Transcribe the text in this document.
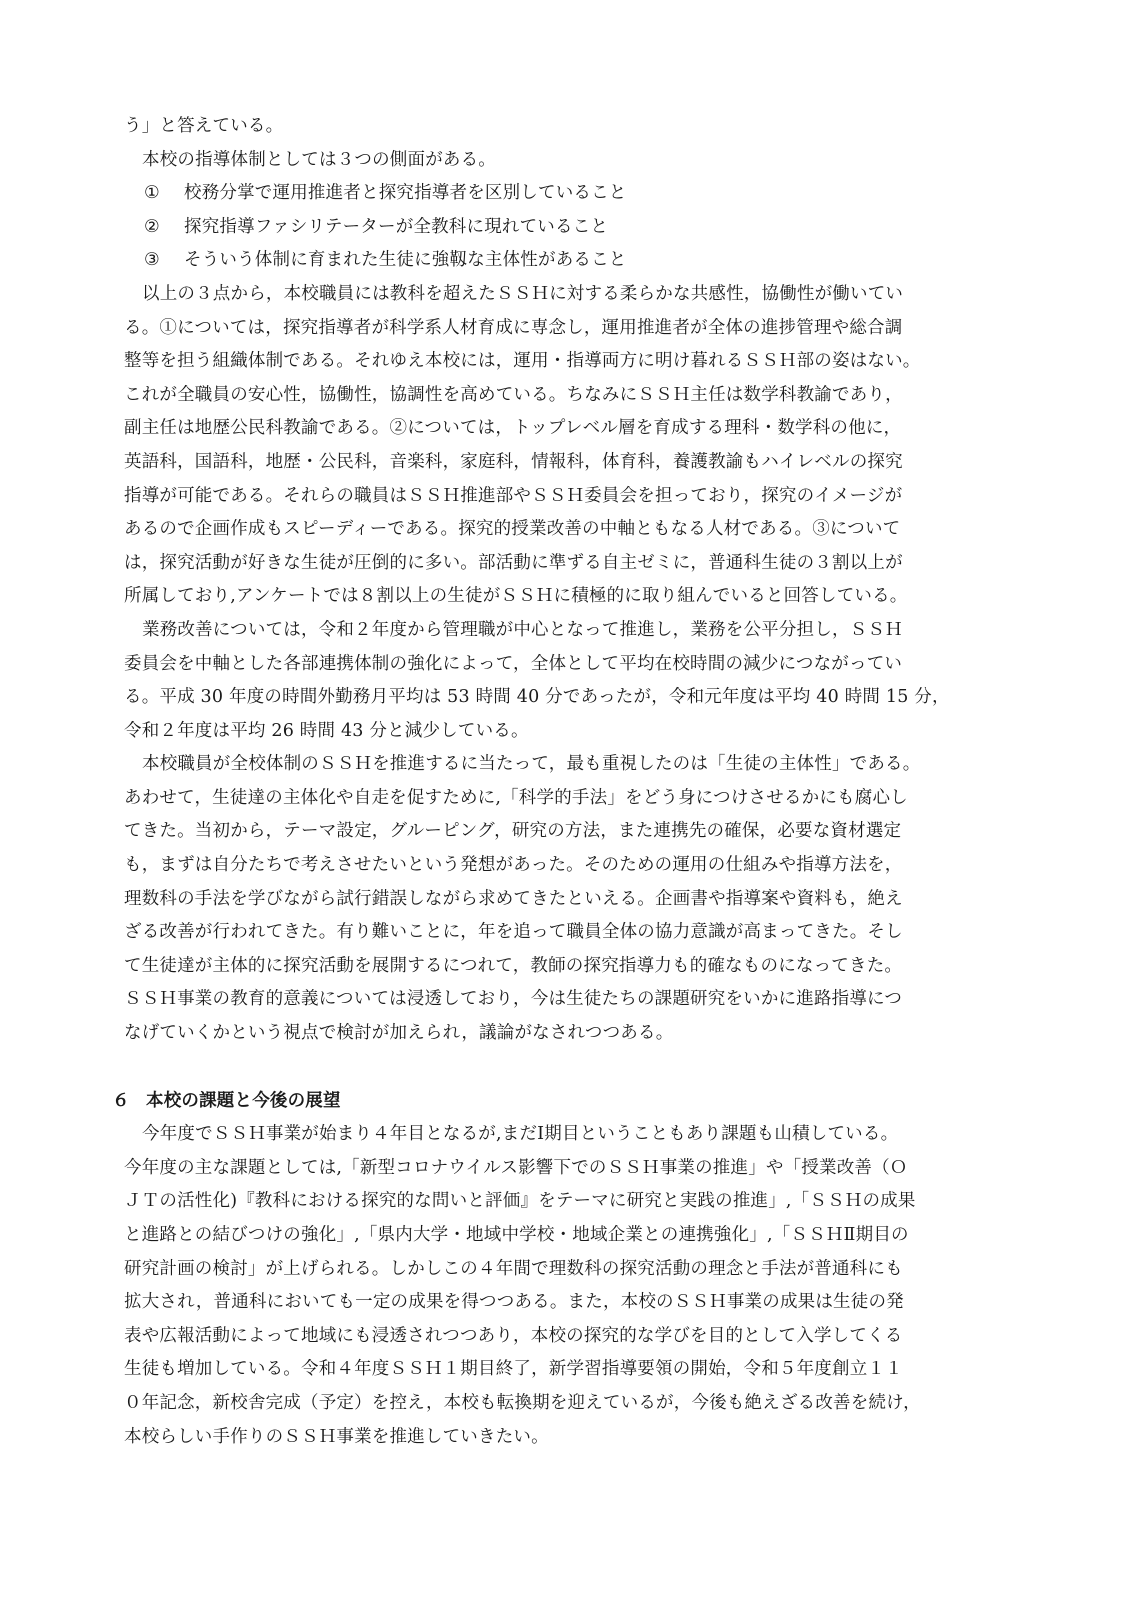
う」と答えている。
本校の指導体制としては３つの側面がある。
① 校務分掌で運用推進者と探究指導者を区別していること
② 探究指導ファシリテーターが全教科に現れていること
③ そういう体制に育まれた生徒に強靱な主体性があること
以上の３点から，本校職員には教科を超えたＳＳＨに対する柔らかな共感性，協働性が働いてい
る。①については，探究指導者が科学系人材育成に専念し，運用推進者が全体の進捗管理や総合調
整等を担う組織体制である。それゆえ本校には，運用・指導両方に明け暮れるＳＳＨ部の姿はない。
これが全職員の安心性，協働性，協調性を高めている。ちなみにＳＳＨ主任は数学科教諭であり，
副主任は地歴公民科教諭である。②については，トップレベル層を育成する理科・数学科の他に，
英語科，国語科，地歴・公民科，音楽科，家庭科，情報科，体育科，養護教諭もハイレベルの探究
指導が可能である。それらの職員はＳＳＨ推進部やＳＳＨ委員会を担っており，探究のイメージが
あるので企画作成もスピーディーである。探究的授業改善の中軸ともなる人材である。③について
は，探究活動が好きな生徒が圧倒的に多い。部活動に準ずる自主ゼミに，普通科生徒の３割以上が
所属しており,アンケートでは８割以上の生徒がＳＳＨに積極的に取り組んでいると回答している。
業務改善については，令和２年度から管理職が中心となって推進し，業務を公平分担し，ＳＳＨ
委員会を中軸とした各部連携体制の強化によって，全体として平均在校時間の減少につながってい
る。平成 30 年度の時間外勤務月平均は 53 時間 40 分であったが，令和元年度は平均 40 時間 15 分，
令和２年度は平均 26 時間 43 分と減少している。
本校職員が全校体制のＳＳＨを推進するに当たって，最も重視したのは「生徒の主体性」である。
あわせて，生徒達の主体化や自走を促すために,「科学的手法」をどう身につけさせるかにも腐心し
てきた。当初から，テーマ設定，グルーピング，研究の方法，また連携先の確保，必要な資材選定
も，まずは自分たちで考えさせたいという発想があった。そのための運用の仕組みや指導方法を，
理数科の手法を学びながら試行錯誤しながら求めてきたといえる。企画書や指導案や資料も，絶え
ざる改善が行われてきた。有り難いことに，年を追って職員全体の協力意識が高まってきた。そし
て生徒達が主体的に探究活動を展開するにつれて，教師の探究指導力も的確なものになってきた。
ＳＳＨ事業の教育的意義については浸透しており，今は生徒たちの課題研究をいかに進路指導につ
なげていくかという視点で検討が加えられ，議論がなされつつある。
６ 本校の課題と今後の展望
今年度でＳＳＨ事業が始まり４年目となるが,まだⅠ期目ということもあり課題も山積している。
今年度の主な課題としては,「新型コロナウイルス影響下でのＳＳＨ事業の推進」や「授業改善（Ｏ
ＪＴの活性化)『教科における探究的な問いと評価』をテーマに研究と実践の推進」,「ＳＳＨの成果
と進路との結びつけの強化」,「県内大学・地域中学校・地域企業との連携強化」,「ＳＳＨⅡ期目の
研究計画の検討」が上げられる。しかしこの４年間で理数科の探究活動の理念と手法が普通科にも
拡大され，普通科においても一定の成果を得つつある。また，本校のＳＳＨ事業の成果は生徒の発
表や広報活動によって地域にも浸透されつつあり，本校の探究的な学びを目的として入学してくる
生徒も増加している。令和４年度ＳＳＨ１期目終了，新学習指導要領の開始，令和５年度創立１１
０年記念，新校舎完成（予定）を控え，本校も転換期を迎えているが，今後も絶えざる改善を続け，
本校らしい手作りのＳＳＨ事業を推進していきたい。
